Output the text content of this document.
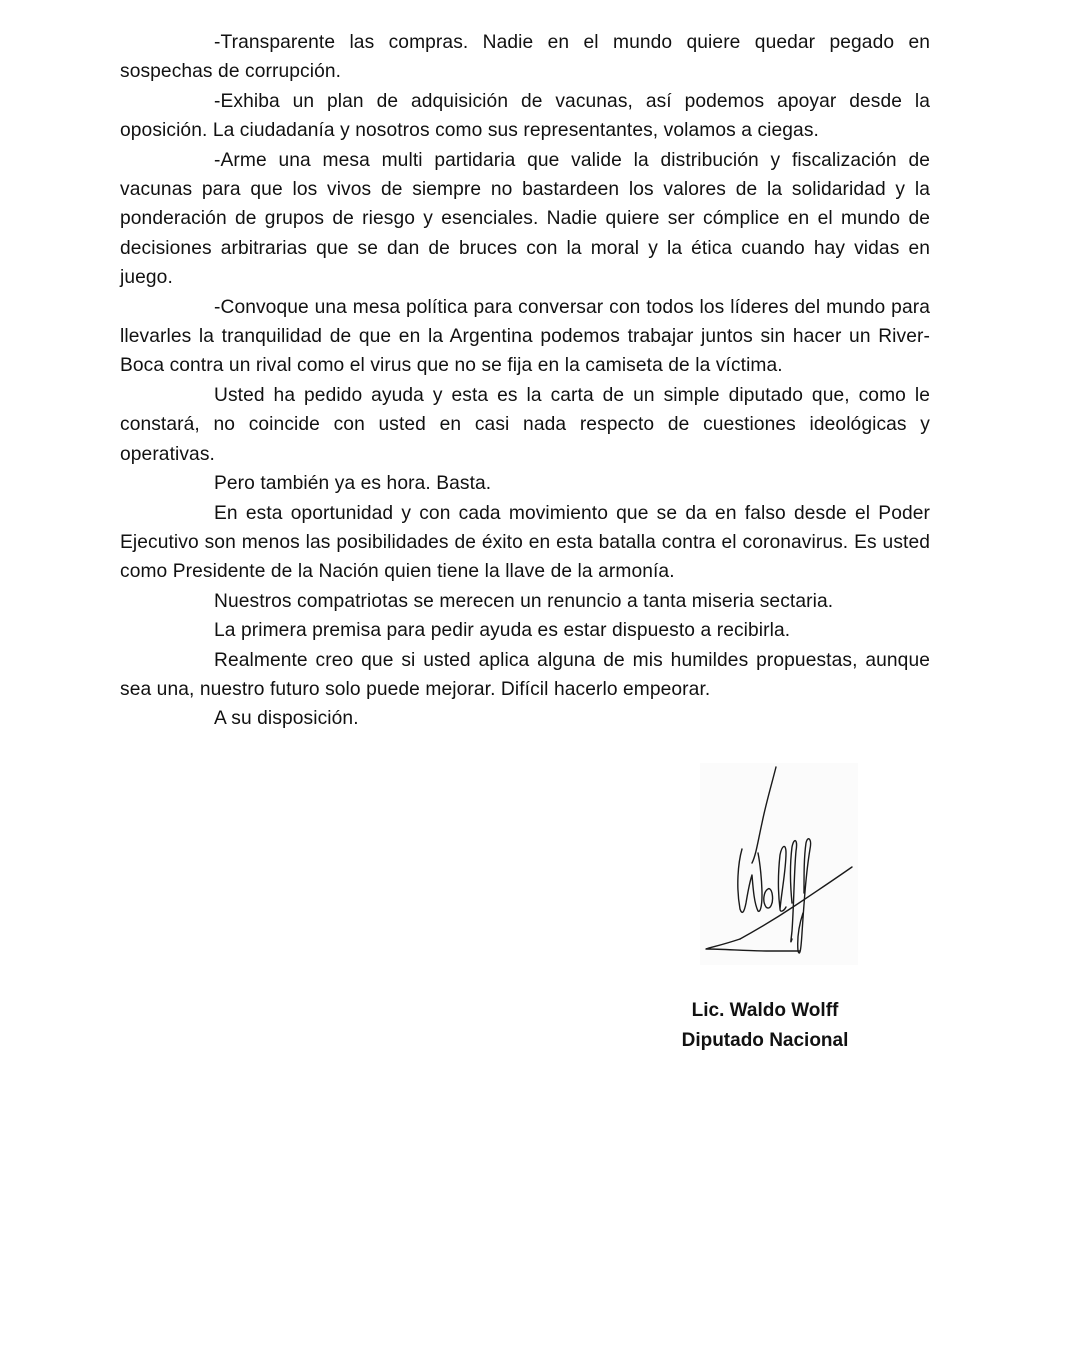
-Transparente las compras. Nadie en el mundo quiere quedar pegado en sospechas de corrupción.

-Exhiba un plan de adquisición de vacunas, así podemos apoyar desde la oposición. La ciudadanía y nosotros como sus representantes, volamos a ciegas.

-Arme una mesa multi partidaria que valide la distribución y fiscalización de vacunas para que los vivos de siempre no bastardeen los valores de la solidaridad y la ponderación de grupos de riesgo y esenciales. Nadie quiere ser cómplice en el mundo de decisiones arbitrarias que se dan de bruces con la moral y la ética cuando hay vidas en juego.

-Convoque una mesa política para conversar con todos los líderes del mundo para llevarles la tranquilidad de que en la Argentina podemos trabajar juntos sin hacer un River-Boca contra un rival como el virus que no se fija en la camiseta de la víctima.

Usted ha pedido ayuda y esta es la carta de un simple diputado que, como le constará, no coincide con usted en casi nada respecto de cuestiones ideológicas y operativas.

Pero también ya es hora. Basta.

En esta oportunidad y con cada movimiento que se da en falso desde el Poder Ejecutivo son menos las posibilidades de éxito en esta batalla contra el coronavirus. Es usted como Presidente de la Nación quien tiene la llave de la armonía.

Nuestros compatriotas se merecen un renuncio a tanta miseria sectaria.

La primera premisa para pedir ayuda es estar dispuesto a recibirla.

Realmente creo que si usted aplica alguna de mis humildes propuestas, aunque sea una, nuestro futuro solo puede mejorar. Difícil hacerlo empeorar.

A su disposición.

Lic. Waldo Wolff
Diputado Nacional
